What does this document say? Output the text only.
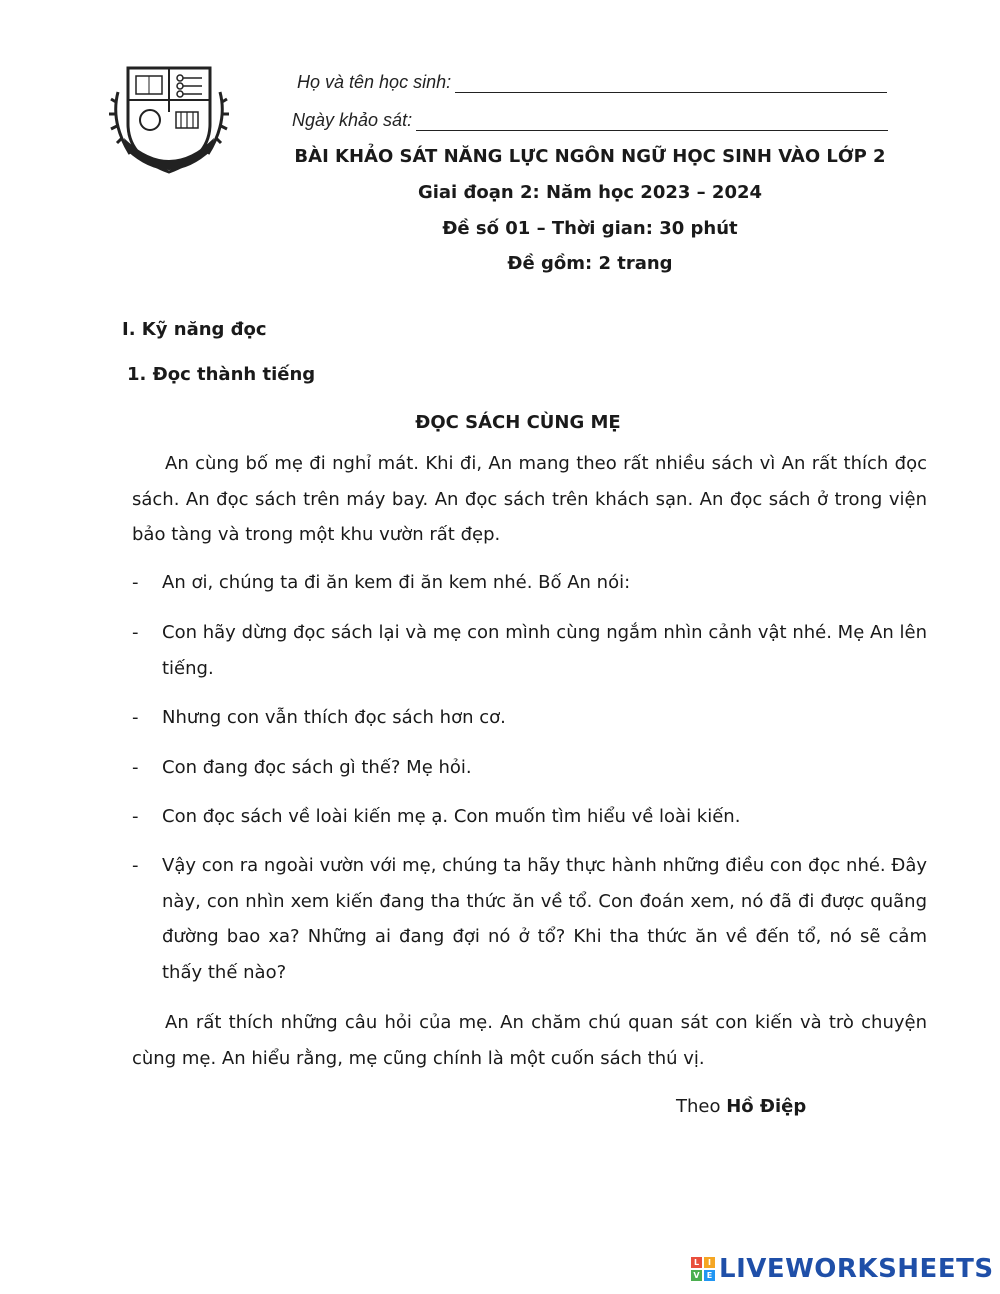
Họ và tên học sinh:
Ngày khảo sát:
BÀI KHẢO SÁT NĂNG LỰC NGÔN NGỮ HỌC SINH VÀO LỚP 2
Giai đoạn 2: Năm học 2023 – 2024
Đề số 01 – Thời gian: 30 phút
Đề gồm: 2 trang
I. Kỹ năng đọc
1. Đọc thành tiếng
ĐỌC SÁCH CÙNG MẸ
An cùng bố mẹ đi nghỉ mát. Khi đi, An mang theo rất nhiều sách vì An rất thích đọc sách. An đọc sách trên máy bay. An đọc sách trên khách sạn. An đọc sách ở trong viện bảo tàng và trong một khu vườn rất đẹp.
- An ơi, chúng ta đi ăn kem đi ăn kem nhé. Bố An nói:
- Con hãy dừng đọc sách lại và mẹ con mình cùng ngắm nhìn cảnh vật nhé. Mẹ An lên tiếng.
- Nhưng con vẫn thích đọc sách hơn cơ.
- Con đang đọc sách gì thế? Mẹ hỏi.
- Con đọc sách về loài kiến mẹ ạ. Con muốn tìm hiểu về loài kiến.
- Vậy con ra ngoài vườn với mẹ, chúng ta hãy thực hành những điều con đọc nhé. Đây này, con nhìn xem kiến đang tha thức ăn về tổ. Con đoán xem, nó đã đi được quãng đường bao xa? Những ai đang đợi nó ở tổ? Khi tha thức ăn về đến tổ, nó sẽ cảm thấy thế nào?
An rất thích những câu hỏi của mẹ. An chăm chú quan sát con kiến và trò chuyện cùng mẹ. An hiểu rằng, mẹ cũng chính là một cuốn sách thú vị.
Theo Hồ Điệp
L	I
V E LIVEWORKSHEETS
